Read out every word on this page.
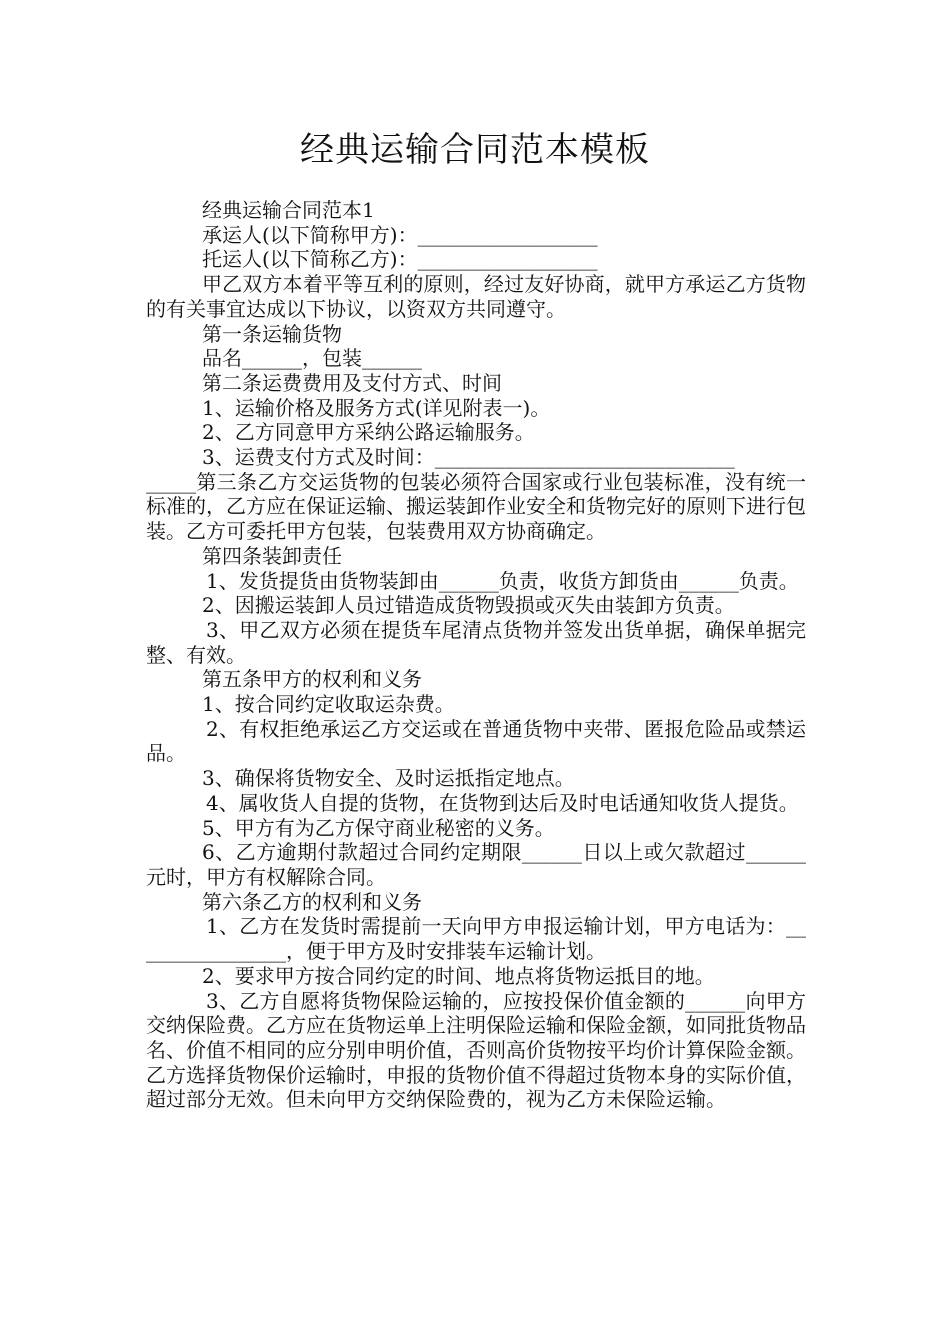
经典运输合同范本模板

经典运输合同范本1

承运人(以下简称甲方)：__________________

托运人(以下简称乙方)：__________________

甲乙双方本着平等互利的原则，经过友好协商，就甲方承运乙方货物的有关事宜达成以下协议，以资双方共同遵守。

第一条运输货物

品名______，包装______

第二条运费费用及支付方式、时间

1、运输价格及服务方式(详见附表一)。

2、乙方同意甲方采纳公路运输服务。

3、运费支付方式及时间：______________________________

_____第三条乙方交运货物的包装必须符合国家或行业包装标准，没有统一标准的，乙方应在保证运输、搬运装卸作业安全和货物完好的原则下进行包装。乙方可委托甲方包装，包装费用双方协商确定。

第四条装卸责任

1、发货提货由货物装卸由______负责，收货方卸货由______负责。

2、因搬运装卸人员过错造成货物毁损或灭失由装卸方负责。

3、甲乙双方必须在提货车尾清点货物并签发出货单据，确保单据完整、有效。

第五条甲方的权利和义务

1、按合同约定收取运杂费。

2、有权拒绝承运乙方交运或在普通货物中夹带、匿报危险品或禁运品。

3、确保将货物安全、及时运抵指定地点。

4、属收货人自提的货物，在货物到达后及时电话通知收货人提货。

5、甲方有为乙方保守商业秘密的义务。

6、乙方逾期付款超过合同约定期限______日以上或欠款超过______元时，甲方有权解除合同。

第六条乙方的权利和义务

1、乙方在发货时需提前一天向甲方申报运输计划，甲方电话为：________________，便于甲方及时安排装车运输计划。

2、要求甲方按合同约定的时间、地点将货物运抵目的地。

3、乙方自愿将货物保险运输的，应按投保价值金额的______向甲方交纳保险费。乙方应在货物运单上注明保险运输和保险金额，如同批货物品名、价值不相同的应分别申明价值，否则高价货物按平均价计算保险金额。乙方选择货物保价运输时，申报的货物价值不得超过货物本身的实际价值，超过部分无效。但未向甲方交纳保险费的，视为乙方未保险运输。
